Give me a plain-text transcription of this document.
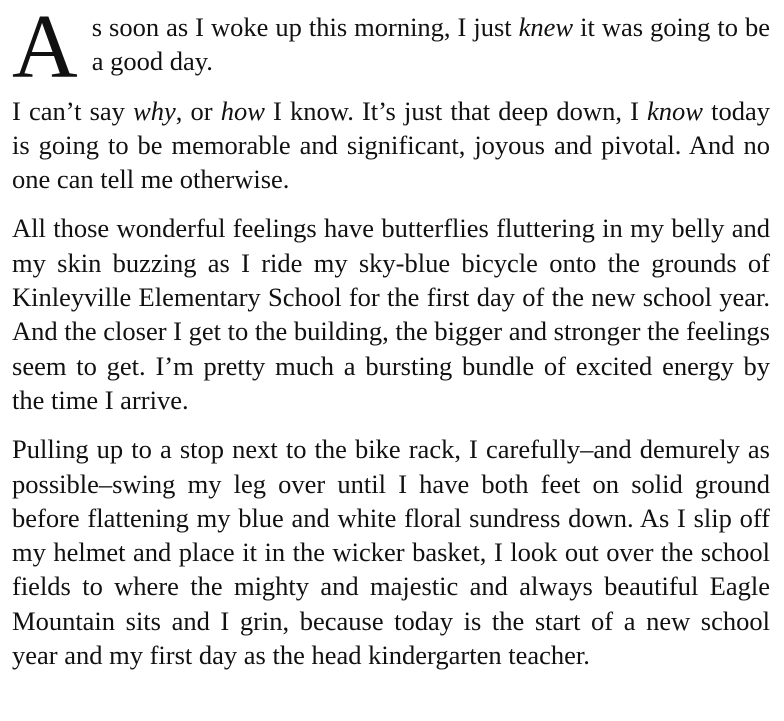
As soon as I woke up this morning, I just knew it was going to be a good day.

I can’t say why, or how I know. It’s just that deep down, I know today is going to be memorable and significant, joyous and pivotal. And no one can tell me otherwise.

All those wonderful feelings have butterflies fluttering in my belly and my skin buzzing as I ride my sky-blue bicycle onto the grounds of Kinleyville Elementary School for the first day of the new school year. And the closer I get to the building, the bigger and stronger the feelings seem to get. I’m pretty much a bursting bundle of excited energy by the time I arrive.

Pulling up to a stop next to the bike rack, I carefully–and demurely as possible–swing my leg over until I have both feet on solid ground before flattening my blue and white floral sundress down. As I slip off my helmet and place it in the wicker basket, I look out over the school fields to where the mighty and majestic and always beautiful Eagle Mountain sits and I grin, because today is the start of a new school year and my first day as the head kindergarten teacher.
